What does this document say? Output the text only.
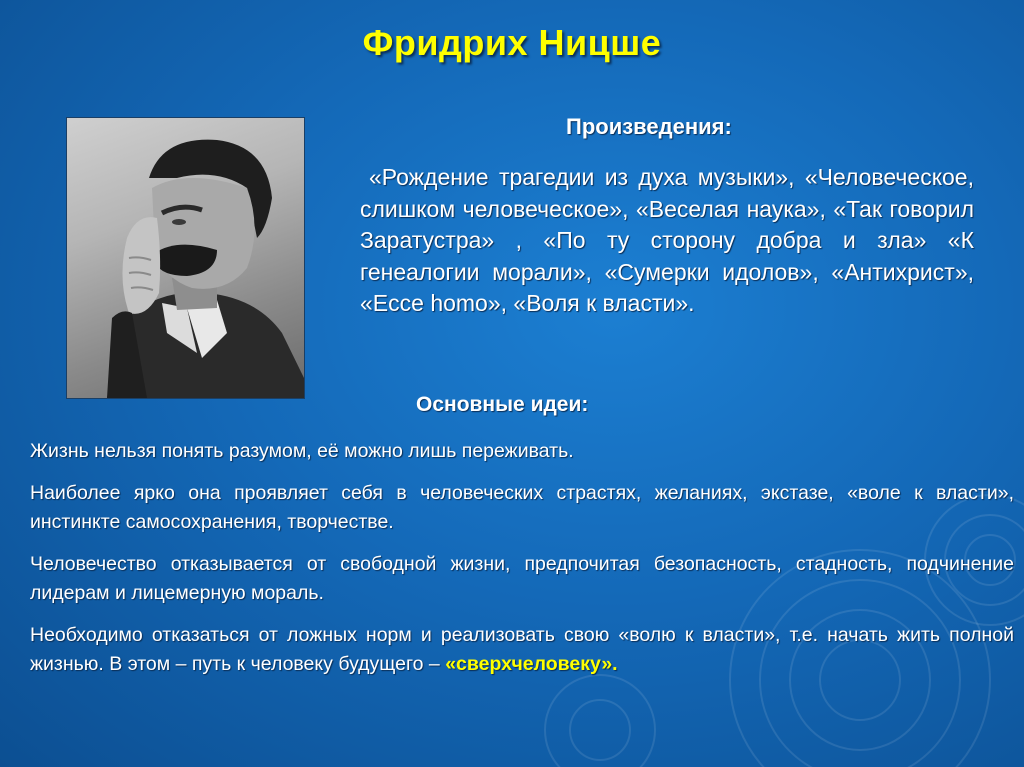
Фридрих Ницше
Произведения:
«Рождение трагедии из духа музыки», «Человеческое, слишком человеческое», «Веселая наука», «Так говорил Заратустра» , «По ту сторону добра и зла» «К генеалогии морали», «Сумерки идолов», «Антихрист», «Ecce homo», «Воля к власти».
Основные идеи:

Жизнь нельзя понять разумом, её можно лишь переживать.

Наиболее ярко она проявляет себя в человеческих страстях, желаниях, экстазе, «воле к власти», инстинкте самосохранения, творчестве.

Человечество отказывается от свободной жизни, предпочитая безопасность, стадность, подчинение лидерам и лицемерную мораль.

Необходимо отказаться от ложных норм и реализовать свою «волю к власти», т.е. начать жить полной жизнью. В этом – путь к человеку будущего – «сверхчеловеку».
